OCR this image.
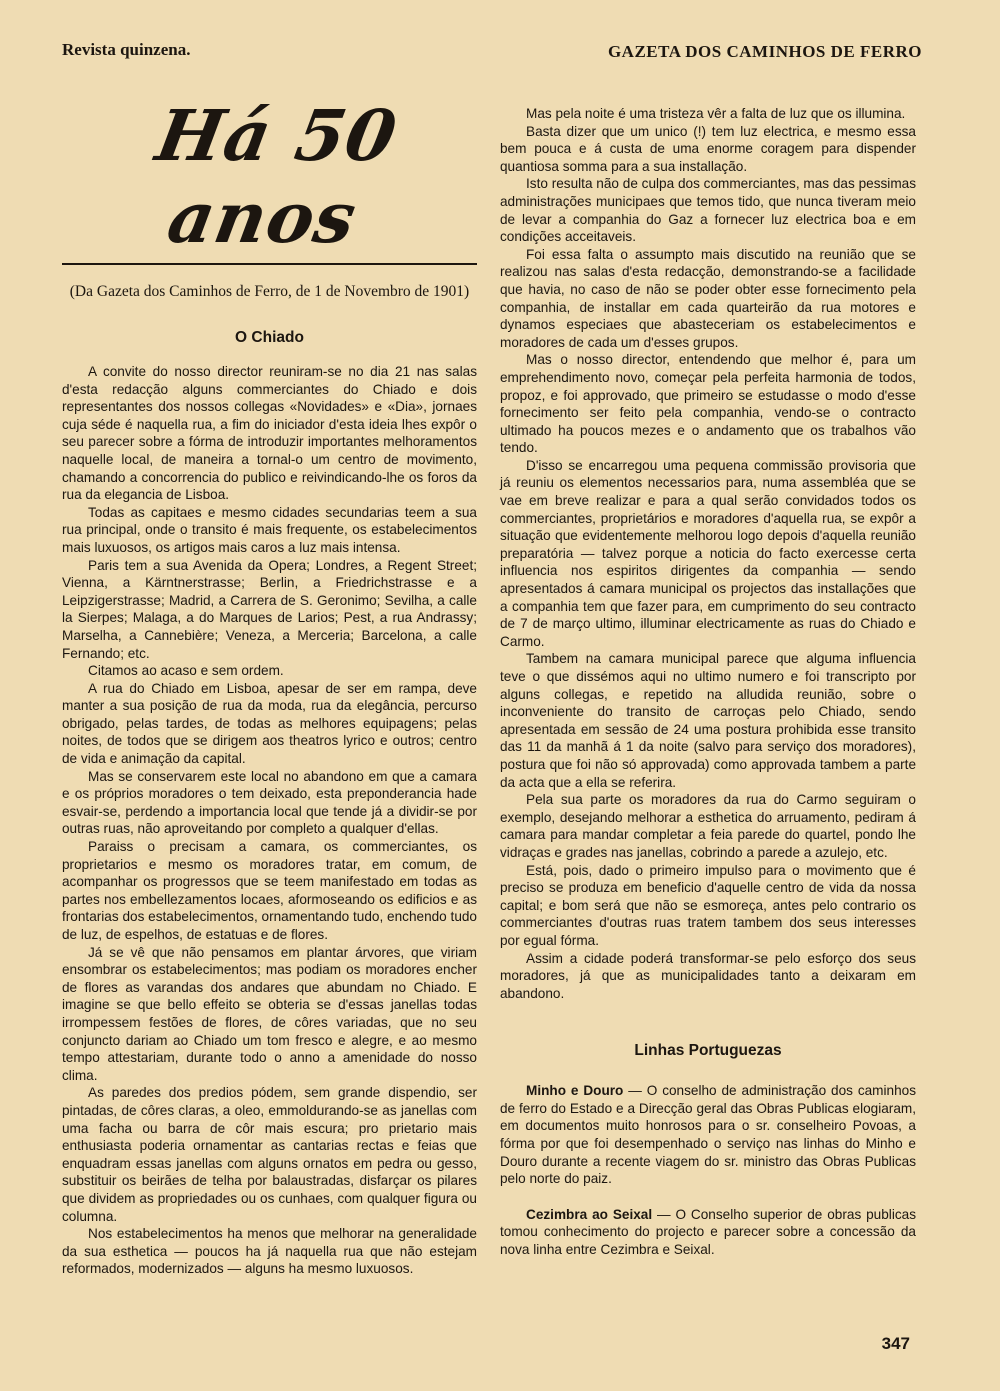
Revista quinzena.	GAZETA DOS CAMINHOS DE FERRO
Há 50 anos
(Da Gazeta dos Caminhos de Ferro, de 1 de Novembro de 1901)
O Chiado

A convite do nosso director reuniram-se no dia 21 nas salas d'esta redacção alguns commerciantes do Chiado e dois representantes dos nossos collegas «Novidades» e «Dia», jornaes cuja séde é naquella rua, a fim do iniciador d'esta ideia lhes expôr o seu parecer sobre a fórma de introduzir importantes melhoramentos naquelle local, de maneira a tornal-o um centro de movimento, chamando a concorrencia do publico e reivindicando-lhe os foros da rua da elegancia de Lisboa.

Todas as capitaes e mesmo cidades secundarias teem a sua rua principal, onde o transito é mais frequente, os estabelecimentos mais luxuosos, os artigos mais caros a luz mais intensa.

Paris tem a sua Avenida da Opera; Londres, a Regent Street; Vienna, a Kärntnerstrasse; Berlin, a Friedrichstrasse e a Leipzigerstrasse; Madrid, a Carrera de S. Geronimo; Sevilha, a calle la Sierpes; Malaga, a do Marques de Larios; Pest, a rua Andrassy; Marselha, a Cannebière; Veneza, a Merceria; Barcelona, a calle Fernando; etc.

Citamos ao acaso e sem ordem.

A rua do Chiado em Lisboa, apesar de ser em rampa, deve manter a sua posição de rua da moda, rua da elegância, percurso obrigado, pelas tardes, de todas as melhores equipagens; pelas noites, de todos que se dirigem aos theatros lyrico e outros; centro de vida e animação da capital.

Mas se conservarem este local no abandono em que a camara e os próprios moradores o tem deixado, esta preponderancia hade esvair-se, perdendo a importancia local que tende já a dividir-se por outras ruas, não aproveitando por completo a qualquer d'ellas.

Paraiss o precisam a camara, os commerciantes, os proprietarios e mesmo os moradores tratar, em comum, de acompanhar os progressos que se teem manifestado em todas as partes nos embellezamentos locaes, aformoseando os edificios e as frontarias dos estabelecimentos, ornamentando tudo, enchendo tudo de luz, de espelhos, de estatuas e de flores.

Já se vê que não pensamos em plantar árvores, que viriam ensombrar os estabelecimentos; mas podiam os moradores encher de flores as varandas dos andares que abundam no Chiado. E imagine se que bello effeito se obteria se d'essas janellas todas irrompessem festões de flores, de côres variadas, que no seu conjuncto dariam ao Chiado um tom fresco e alegre, e ao mesmo tempo attestariam, durante todo o anno a amenidade do nosso clima.

As paredes dos predios pódem, sem grande dispendio, ser pintadas, de côres claras, a oleo, emmoldurando-se as janellas com uma facha ou barra de côr mais escura; pro prietario mais enthusiasta poderia ornamentar as cantarias rectas e feias que enquadram essas janellas com alguns ornatos em pedra ou gesso, substituir os beirães de telha por balaustradas, disfarçar os pilares que dividem as propriedades ou os cunhaes, com qualquer figura ou columna.

Nos estabelecimentos ha menos que melhorar na generalidade da sua esthetica — poucos ha já naquella rua que não estejam reformados, modernizados — alguns ha mesmo luxuosos.

Mas pela noite é uma tristeza vêr a falta de luz que os illumina.

Basta dizer que um unico (!) tem luz electrica, e mesmo essa bem pouca e á custa de uma enorme coragem para dispender quantiosa somma para a sua installação.

Isto resulta não de culpa dos commerciantes, mas das pessimas administrações municipaes que temos tido, que nunca tiveram meio de levar a companhia do Gaz a fornecer luz electrica boa e em condições acceitaveis.

Foi essa falta o assumpto mais discutido na reunião que se realizou nas salas d'esta redacção, demonstrando-se a facilidade que havia, no caso de não se poder obter esse fornecimento pela companhia, de installar em cada quarteirão da rua motores e dynamos especiaes que abasteceriam os estabelecimentos e moradores de cada um d'esses grupos.

Mas o nosso director, entendendo que melhor é, para um emprehendimento novo, começar pela perfeita harmonia de todos, propoz, e foi approvado, que primeiro se estudasse o modo d'esse fornecimento ser feito pela companhia, vendo-se o contracto ultimado ha poucos mezes e o andamento que os trabalhos vão tendo.

D'isso se encarregou uma pequena commissão provisoria que já reuniu os elementos necessarios para, numa assembléa que se vae em breve realizar e para a qual serão convidados todos os commerciantes, proprietários e moradores d'aquella rua, se expôr a situação que evidentemente melhorou logo depois d'aquella reunião preparatória — talvez porque a noticia do facto exercesse certa influencia nos espiritos dirigentes da companhia — sendo apresentados á camara municipal os projectos das installações que a companhia tem que fazer para, em cumprimento do seu contracto de 7 de março ultimo, illuminar electricamente as ruas do Chiado e Carmo.

Tambem na camara municipal parece que alguma influencia teve o que dissémos aqui no ultimo numero e foi transcripto por alguns collegas, e repetido na alludida reunião, sobre o inconveniente do transito de carroças pelo Chiado, sendo apresentada em sessão de 24 uma postura prohibida esse transito das 11 da manhã á 1 da noite (salvo para serviço dos moradores), postura que foi não só approvada) como approvada tambem a parte da acta que a ella se referira.

Pela sua parte os moradores da rua do Carmo seguiram o exemplo, desejando melhorar a esthetica do arruamento, pediram á camara para mandar completar a feia parede do quartel, pondo lhe vidraças e grades nas janellas, cobrindo a parede a azulejo, etc.

Está, pois, dado o primeiro impulso para o movimento que é preciso se produza em beneficio d'aquelle centro de vida da nossa capital; e bom será que não se esmoreça, antes pelo contrario os commerciantes d'outras ruas tratem tambem dos seus interesses por egual fórma.

Assim a cidade poderá transformar-se pelo esforço dos seus moradores, já que as municipalidades tanto a deixaram em abandono.

Linhas Portuguezas

Minho e Douro — O conselho de administração dos caminhos de ferro do Estado e a Direcção geral das Obras Publicas elogiaram, em documentos muito honrosos para o sr. conselheiro Povoas, a fórma por que foi desempenhado o serviço nas linhas do Minho e Douro durante a recente viagem do sr. ministro das Obras Publicas pelo norte do paiz.

Cezimbra ao Seixal — O Conselho superior de obras publicas tomou conhecimento do projecto e parecer sobre a concessão da nova linha entre Cezimbra e Seixal.

347
